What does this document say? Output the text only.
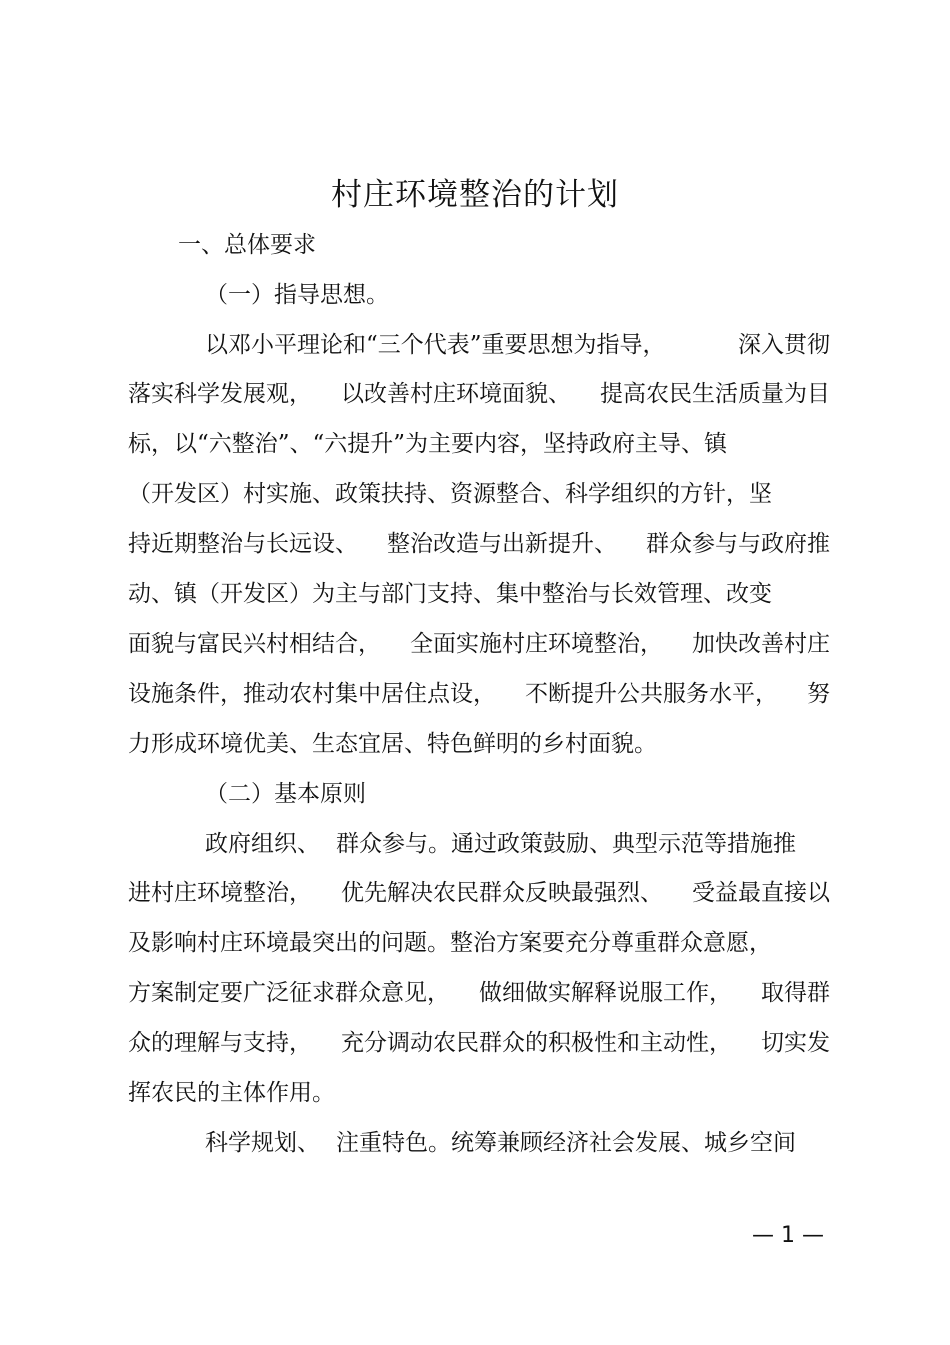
村庄环境整治的计划
一、总体要求
（一）指导思想。
以邓小平理论和“三个代表”重要思想为指导，	深入贯彻
落实科学发展观， 以改善村庄环境面貌、 提高农民生活质量为目
标，以“六整治”、“六提升”为主要内容，坚持政府主导、镇
（开发区）村实施、政策扶持、资源整合、科学组织的方针，坚
持近期整治与长远设、 整治改造与出新提升、 群众参与与政府推
动、镇（开发区）为主与部门支持、集中整治与长效管理、改变
面貌与富民兴村相结合， 全面实施村庄环境整治， 加快改善村庄
设施条件，推动农村集中居住点设， 不断提升公共服务水平， 努
力形成环境优美、生态宜居、特色鲜明的乡村面貌。
（二）基本原则
政府组织、 群众参与。通过政策鼓励、典型示范等措施推
进村庄环境整治， 优先解决农民群众反映最强烈、 受益最直接以
及影响村庄环境最突出的问题。整治方案要充分尊重群众意愿，
方案制定要广泛征求群众意见， 做细做实解释说服工作， 取得群
众的理解与支持， 充分调动农民群众的积极性和主动性， 切实发
挥农民的主体作用。
科学规划、 注重特色。统筹兼顾经济社会发展、城乡空间
— 1 —
